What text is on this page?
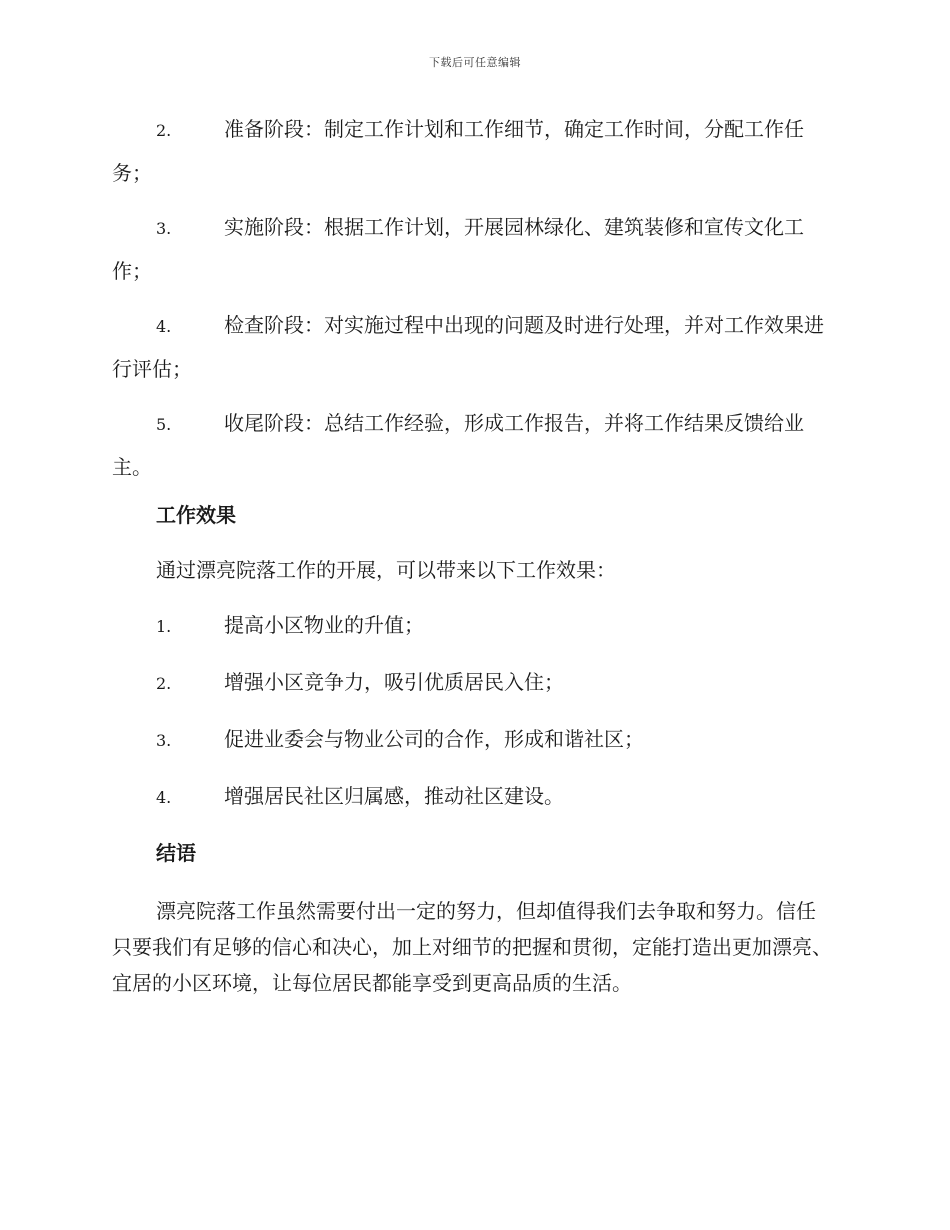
下载后可任意编辑
2.	准备阶段：制定工作计划和工作细节，确定工作时间，分配工作任务；
3.	实施阶段：根据工作计划，开展园林绿化、建筑装修和宣传文化工作；
4.	检查阶段：对实施过程中出现的问题及时进行处理，并对工作效果进行评估；
5.	收尾阶段：总结工作经验，形成工作报告，并将工作结果反馈给业主。
工作效果
通过漂亮院落工作的开展，可以带来以下工作效果：
1.	提高小区物业的升值；
2.	增强小区竞争力，吸引优质居民入住；
3.	促进业委会与物业公司的合作，形成和谐社区；
4.	增强居民社区归属感，推动社区建设。
结语
漂亮院落工作虽然需要付出一定的努力，但却值得我们去争取和努力。信任只要我们有足够的信心和决心，加上对细节的把握和贯彻，定能打造出更加漂亮、宜居的小区环境，让每位居民都能享受到更高品质的生活。
